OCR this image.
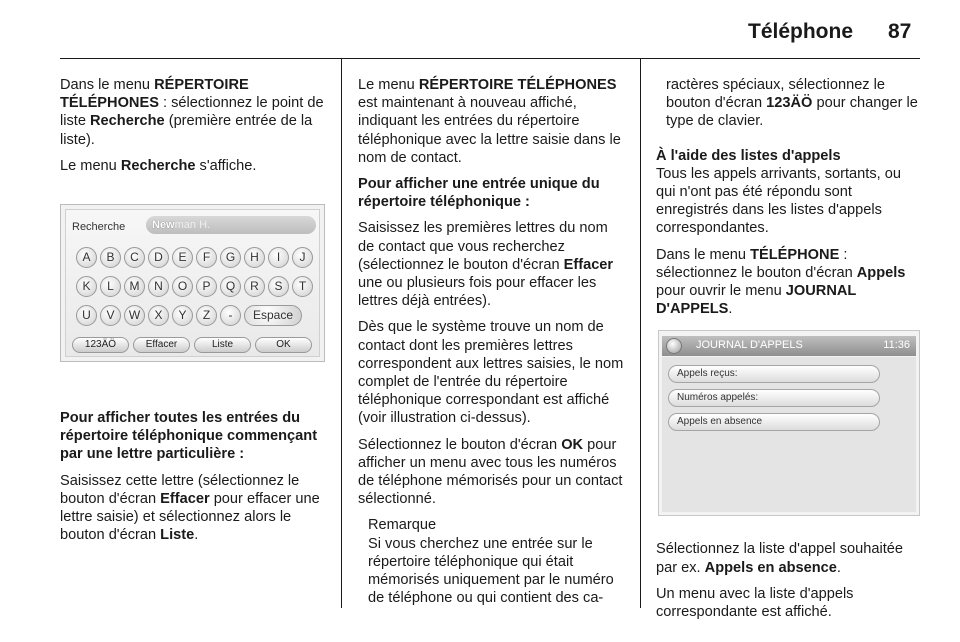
Téléphone 87

Dans le menu RÉPERTOIRE TÉLÉPHONES : sélectionnez le point de liste Recherche (première entrée de la liste).

Le menu Recherche s'affiche.

Pour afficher toutes les entrées du répertoire téléphonique commençant par une lettre particulière :

Saisissez cette lettre (sélectionnez le bouton d'écran Effacer pour effacer une lettre saisie) et sélectionnez alors le bouton d'écran Liste.

Recherche	Newman H.
A	B	C	D	E	F	G	H	I	J
K	L	M	N	O	P	Q	R	S	T
U	V	W	X	Y	Z	-	Espace
123ÄÖ	Effacer	Liste	OK

Le menu RÉPERTOIRE TÉLÉPHONES est maintenant à nouveau affiché, indiquant les entrées du répertoire téléphonique avec la lettre saisie dans le nom de contact.

Pour afficher une entrée unique du répertoire téléphonique :

Saisissez les premières lettres du nom de contact que vous recherchez (sélectionnez le bouton d'écran Effacer une ou plusieurs fois pour effacer les lettres déjà entrées).

Dès que le système trouve un nom de contact dont les premières lettres correspondent aux lettres saisies, le nom complet de l'entrée du répertoire téléphonique correspondant est affiché (voir illustration ci-dessus).

Sélectionnez le bouton d'écran OK pour afficher un menu avec tous les numéros de téléphone mémorisés pour un contact sélectionné.

Remarque

Si vous cherchez une entrée sur le répertoire téléphonique qui était mémorisés uniquement par le numéro de téléphone ou qui contient des ca-

ractères spéciaux, sélectionnez le bouton d'écran 123ÄÖ pour changer le type de clavier.

À l'aide des listes d'appels

Tous les appels arrivants, sortants, ou qui n'ont pas été répondu sont enregistrés dans les listes d'appels correspondantes.

Dans le menu TÉLÉPHONE : sélectionnez le bouton d'écran Appels pour ouvrir le menu JOURNAL D'APPELS.

Sélectionnez la liste d'appel souhaitée par ex. Appels en absence.

Un menu avec la liste d'appels correspondante est affiché.

JOURNAL D'APPELS	11:36
Appels reçus:
Numéros appelés:
Appels en absence
